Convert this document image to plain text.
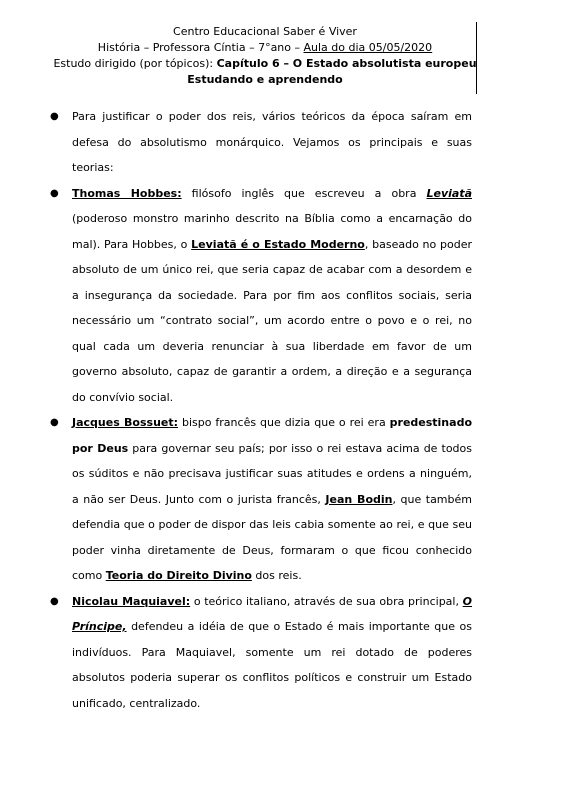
Centro Educacional Saber é Viver
História – Professora Cíntia – 7°ano – Aula do dia 05/05/2020
Estudo dirigido (por tópicos): Capítulo 6 – O Estado absolutista europeu
Estudando e aprendendo
● Para justificar o poder dos reis, vários teóricos da época saíram em defesa do absolutismo monárquico. Vejamos os principais e suas teorias:
● Thomas Hobbes: filósofo inglês que escreveu a obra Leviatã (poderoso monstro marinho descrito na Bíblia como a encarnação do mal). Para Hobbes, o Leviatã é o Estado Moderno, baseado no poder absoluto de um único rei, que seria capaz de acabar com a desordem e a insegurança da sociedade. Para por fim aos conflitos sociais, seria necessário um “contrato social”, um acordo entre o povo e o rei, no qual cada um deveria renunciar à sua liberdade em favor de um governo absoluto, capaz de garantir a ordem, a direção e a segurança do convívio social.
● Jacques Bossuet: bispo francês que dizia que o rei era predestinado por Deus para governar seu país; por isso o rei estava acima de todos os súditos e não precisava justificar suas atitudes e ordens a ninguém, a não ser Deus. Junto com o jurista francês, Jean Bodin, que também defendia que o poder de dispor das leis cabia somente ao rei, e que seu poder vinha diretamente de Deus, formaram o que ficou conhecido como Teoria do Direito Divino dos reis.
● Nicolau Maquiavel: o teórico italiano, através de sua obra principal, O Príncipe, defendeu a idéia de que o Estado é mais importante que os indivíduos. Para Maquiavel, somente um rei dotado de poderes absolutos poderia superar os conflitos políticos e construir um Estado unificado, centralizado.
